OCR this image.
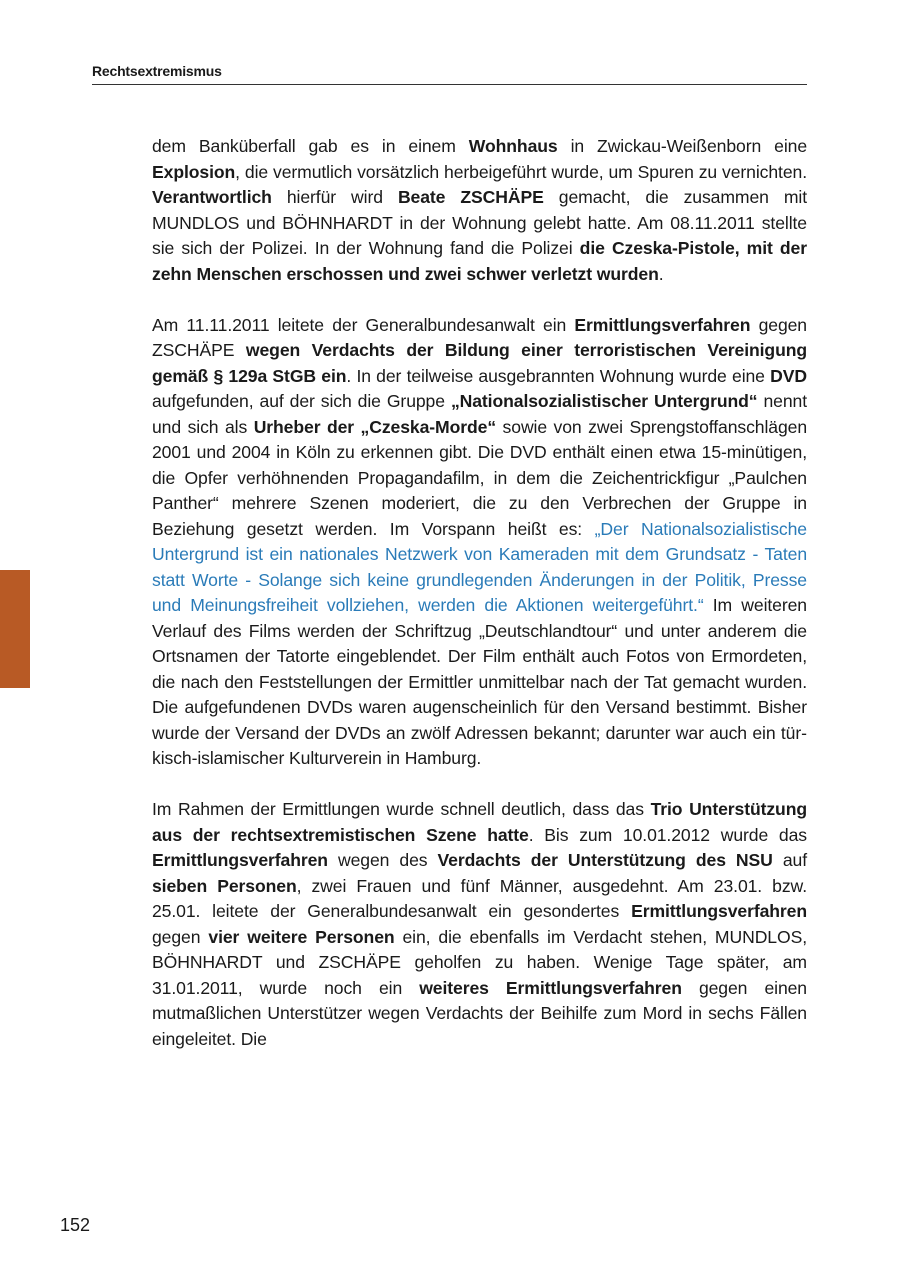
Rechtsextremismus

dem Banküberfall gab es in einem Wohnhaus in Zwickau-Weißenborn eine Explosion, die vermutlich vorsätzlich herbeigeführt wurde, um Spuren zu vernichten. Verantwortlich hierfür wird Beate ZSCHÄPE gemacht, die zusammen mit MUNDLOS und BÖHNHARDT in der Wohnung gelebt hatte. Am 08.11.2011 stellte sie sich der Polizei. In der Wohnung fand die Polizei die Czeska-Pistole, mit der zehn Menschen erschossen und zwei schwer verletzt wurden.

Am 11.11.2011 leitete der Generalbundesanwalt ein Ermittlungsverfahren gegen ZSCHÄPE wegen Verdachts der Bildung einer terroristischen Vereinigung gemäß § 129a StGB ein. In der teilweise ausgebrannten Wohnung wurde eine DVD aufgefunden, auf der sich die Gruppe „Nationalsozialistischer Untergrund“ nennt und sich als Urheber der „Czeska-Morde“ sowie von zwei Sprengstoffanschlägen 2001 und 2004 in Köln zu erkennen gibt. Die DVD enthält einen etwa 15-minütigen, die Opfer verhöhnenden Propagandafilm, in dem die Zeichentrickfigur „Paulchen Panther“ mehrere Szenen moderiert, die zu den Verbrechen der Gruppe in Beziehung gesetzt werden. Im Vorspann heißt es: „Der Nationalsozialistische Untergrund ist ein nationales Netzwerk von Kameraden mit dem Grundsatz - Taten statt Worte - Solange sich keine grundlegenden Änderungen in der Politik, Presse und Meinungsfreiheit vollziehen, werden die Aktionen weitergeführt.“ Im weiteren Verlauf des Films werden der Schriftzug „Deutschlandtour“ und unter anderem die Ortsnamen der Tatorte eingeblendet. Der Film enthält auch Fotos von Ermordeten, die nach den Feststellungen der Ermittler unmittelbar nach der Tat gemacht wurden. Die aufgefundenen DVDs waren augenscheinlich für den Versand bestimmt. Bisher wurde der Versand der DVDs an zwölf Adressen bekannt; darunter war auch ein türkisch-islamischer Kulturverein in Hamburg.

Im Rahmen der Ermittlungen wurde schnell deutlich, dass das Trio Unterstützung aus der rechtsextremistischen Szene hatte. Bis zum 10.01.2012 wurde das Ermittlungsverfahren wegen des Verdachts der Unterstützung des NSU auf sieben Personen, zwei Frauen und fünf Männer, ausgedehnt. Am 23.01. bzw. 25.01. leitete der Generalbundesanwalt ein gesondertes Ermittlungsverfahren gegen vier weitere Personen ein, die ebenfalls im Verdacht stehen, MUNDLOS, BÖHNHARDT und ZSCHÄPE geholfen zu haben. Wenige Tage später, am 31.01.2011, wurde noch ein weiteres Ermittlungsverfahren gegen einen mutmaßlichen Unterstützer wegen Verdachts der Beihilfe zum Mord in sechs Fällen eingeleitet. Die

152
